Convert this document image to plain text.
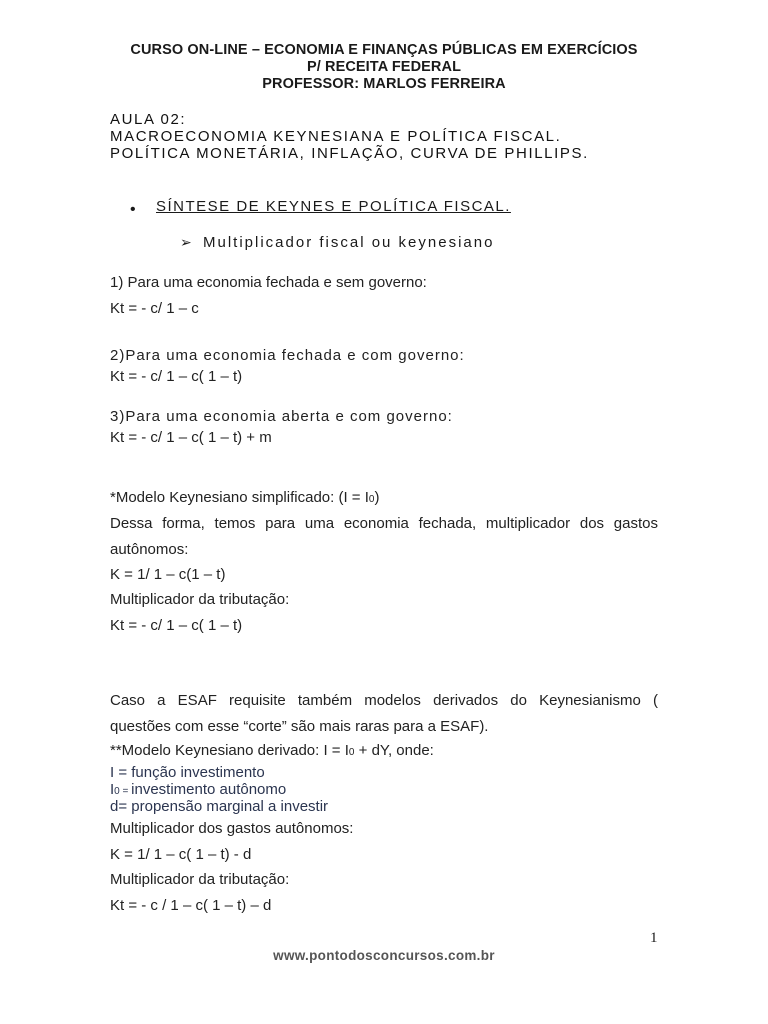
CURSO ON-LINE – ECONOMIA E FINANÇAS PÚBLICAS EM EXERCÍCIOS
P/ RECEITA FEDERAL
PROFESSOR: MARLOS FERREIRA
AULA 02:
MACROECONOMIA KEYNESIANA E POLÍTICA FISCAL.
POLÍTICA MONETÁRIA, INFLAÇÃO, CURVA DE PHILLIPS.
• SÍNTESE DE KEYNES E POLÍTICA FISCAL.
➢ Multiplicador fiscal ou keynesiano
1) Para uma economia fechada e sem governo:
Kt = - c/ 1 – c
2)Para uma economia fechada e com governo:
Kt = - c/ 1 – c( 1 – t)
3)Para uma economia aberta e com governo:
Kt = - c/ 1 – c( 1 – t) + m
*Modelo Keynesiano simplificado: (I = I0)
Dessa forma, temos para uma economia fechada, multiplicador dos gastos
autônomos:
K = 1/ 1 – c(1 – t)
Multiplicador da tributação:
Kt = - c/ 1 – c( 1 – t)
Caso a ESAF requisite também modelos derivados do Keynesianismo (
questões com esse “corte” são mais raras para a ESAF).
**Modelo Keynesiano derivado: I = I0 + dY, onde:
I = função investimento
I0 = investimento autônomo
d= propensão marginal a investir
Multiplicador dos gastos autônomos:
K = 1/ 1 – c( 1 – t) - d
Multiplicador da tributação:
Kt = - c / 1 – c( 1 – t) – d
1
www.pontodosconcursos.com.br
